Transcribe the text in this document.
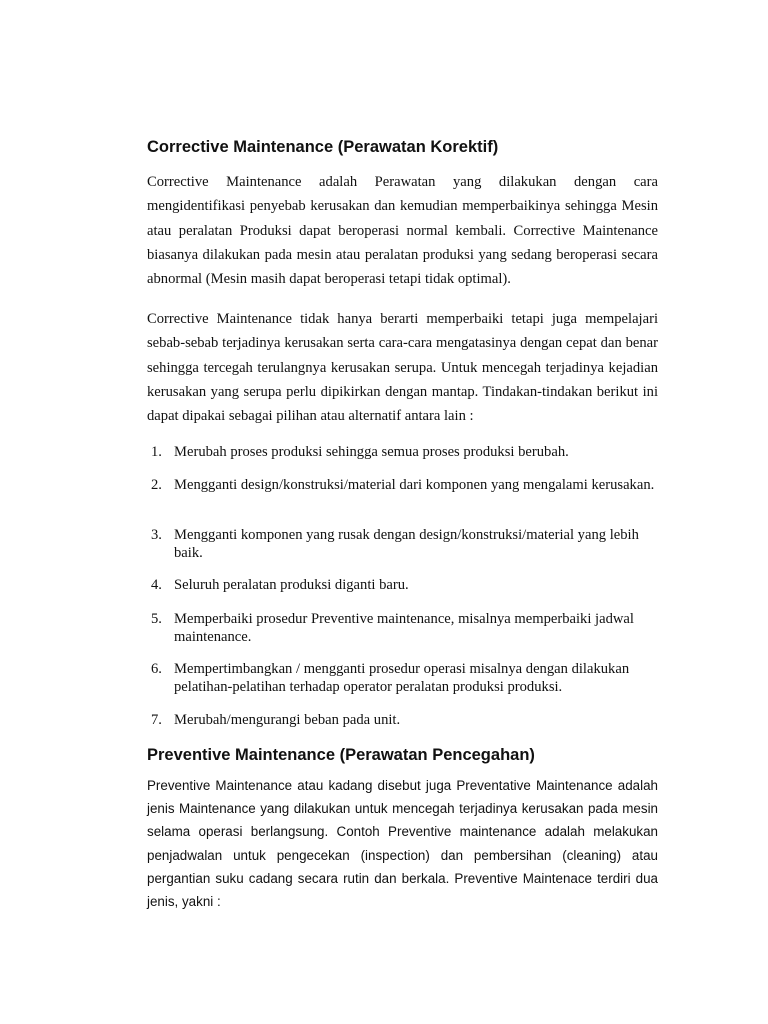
Corrective Maintenance (Perawatan Korektif)

Corrective Maintenance adalah Perawatan yang dilakukan dengan cara mengidentifikasi penyebab kerusakan dan kemudian memperbaikinya sehingga Mesin atau peralatan Produksi dapat beroperasi normal kembali. Corrective Maintenance biasanya dilakukan pada mesin atau peralatan produksi yang sedang beroperasi secara abnormal (Mesin masih dapat beroperasi tetapi tidak optimal).

Corrective Maintenance tidak hanya berarti memperbaiki tetapi juga mempelajari sebab-sebab terjadinya kerusakan serta cara-cara mengatasinya dengan cepat dan benar sehingga tercegah terulangnya kerusakan serupa. Untuk mencegah terjadinya kejadian kerusakan yang serupa perlu dipikirkan dengan mantap. Tindakan-tindakan berikut ini dapat dipakai sebagai pilihan atau alternatif antara lain :

1. Merubah proses produksi sehingga semua proses produksi berubah.
2. Mengganti design/konstruksi/material dari komponen yang mengalami kerusakan.
3. Mengganti komponen yang rusak dengan design/konstruksi/material yang lebih baik.
4. Seluruh peralatan produksi diganti baru.
5. Memperbaiki prosedur Preventive maintenance, misalnya memperbaiki jadwal maintenance.
6. Mempertimbangkan / mengganti prosedur operasi misalnya dengan dilakukan pelatihan-pelatihan terhadap operator peralatan produksi produksi.
7. Merubah/mengurangi beban pada unit.
Preventive Maintenance (Perawatan Pencegahan)

Preventive Maintenance atau kadang disebut juga Preventative Maintenance adalah jenis Maintenance yang dilakukan untuk mencegah terjadinya kerusakan pada mesin selama operasi berlangsung. Contoh Preventive maintenance adalah melakukan penjadwalan untuk pengecekan (inspection) dan pembersihan (cleaning) atau pergantian suku cadang secara rutin dan berkala. Preventive Maintenace terdiri dua jenis, yakni :
